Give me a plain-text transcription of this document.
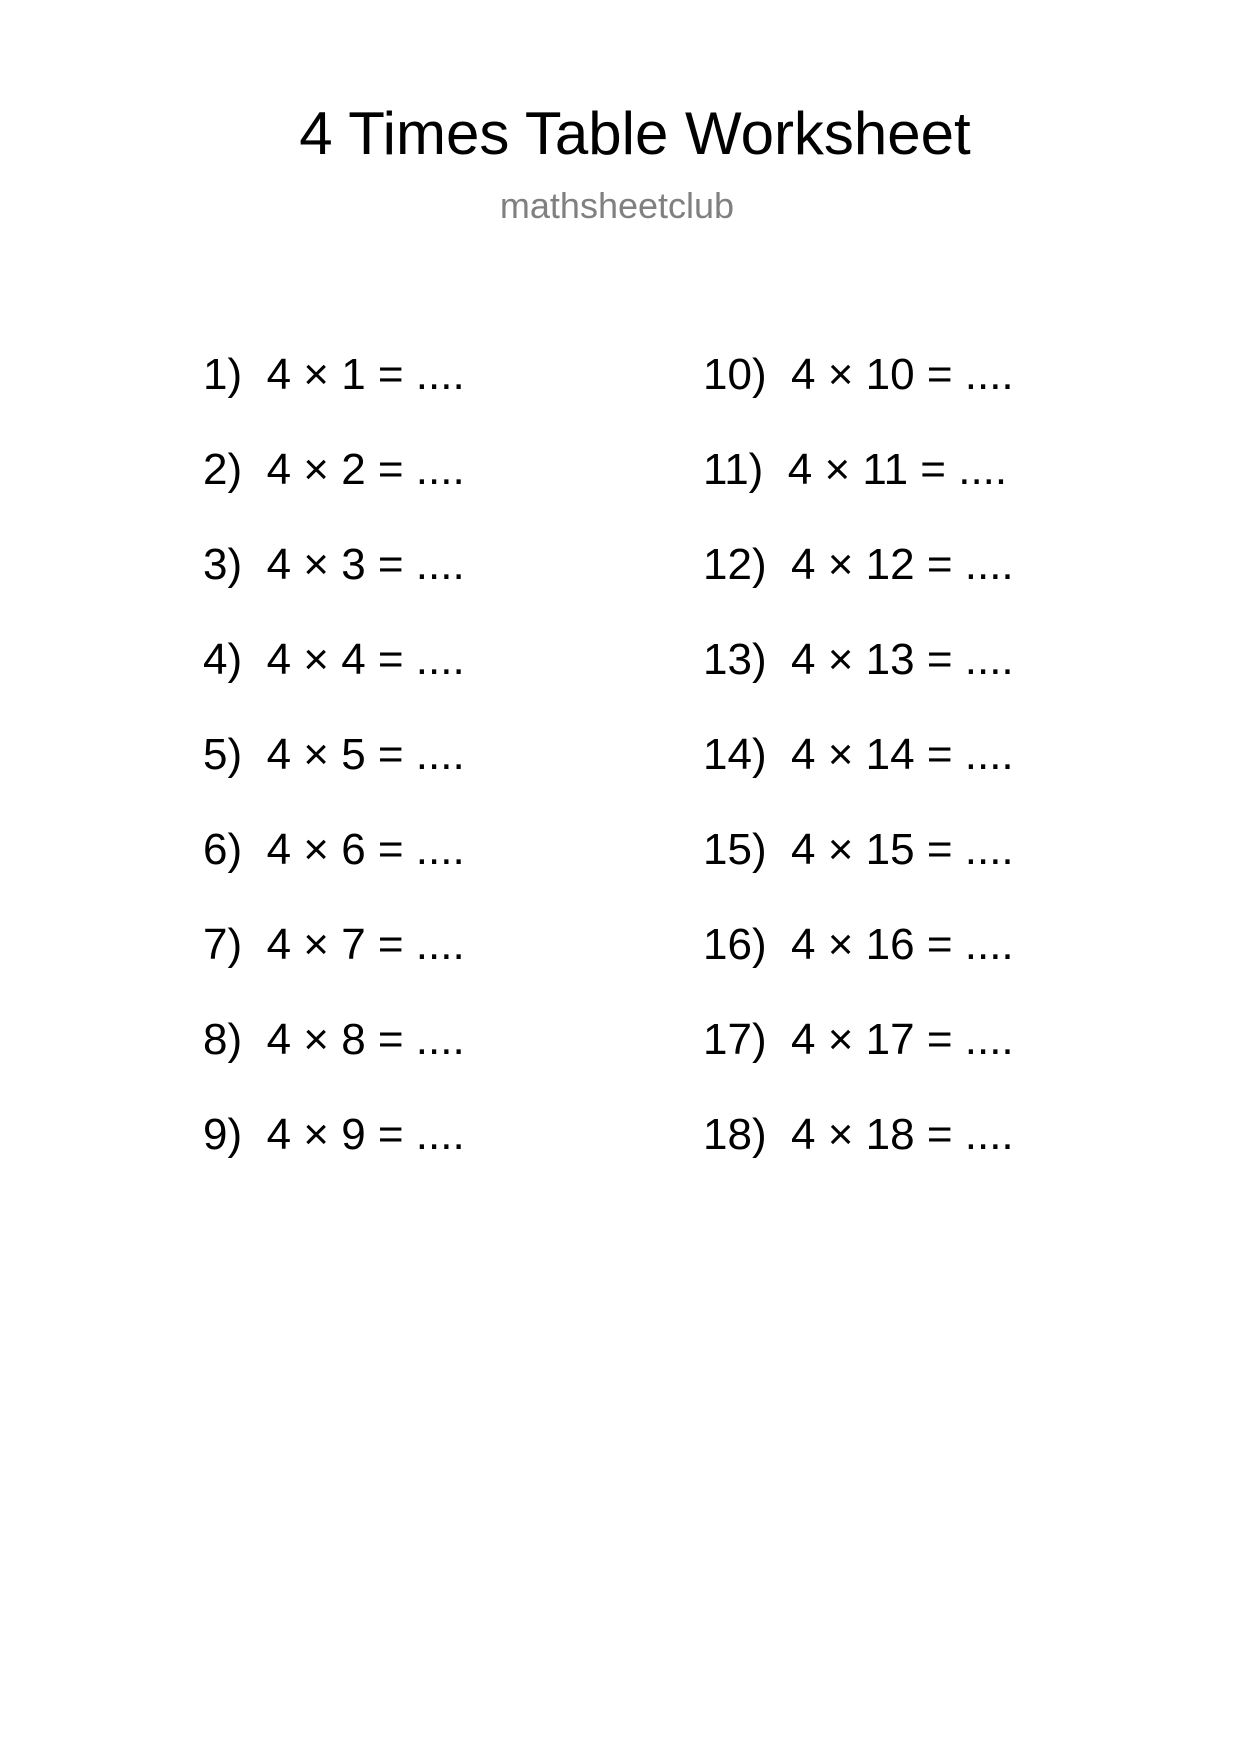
4 Times Table Worksheet
mathsheetclub
1)  4 × 1 = ....
2)  4 × 2 = ....
3)  4 × 3 = ....
4)  4 × 4 = ....
5)  4 × 5 = ....
6)  4 × 6 = ....
7)  4 × 7 = ....
8)  4 × 8 = ....
9)  4 × 9 = ....
10)  4 × 10 = ....
11)  4 × 11 = ....
12)  4 × 12 = ....
13)  4 × 13 = ....
14)  4 × 14 = ....
15)  4 × 15 = ....
16)  4 × 16 = ....
17)  4 × 17 = ....
18)  4 × 18 = ....
